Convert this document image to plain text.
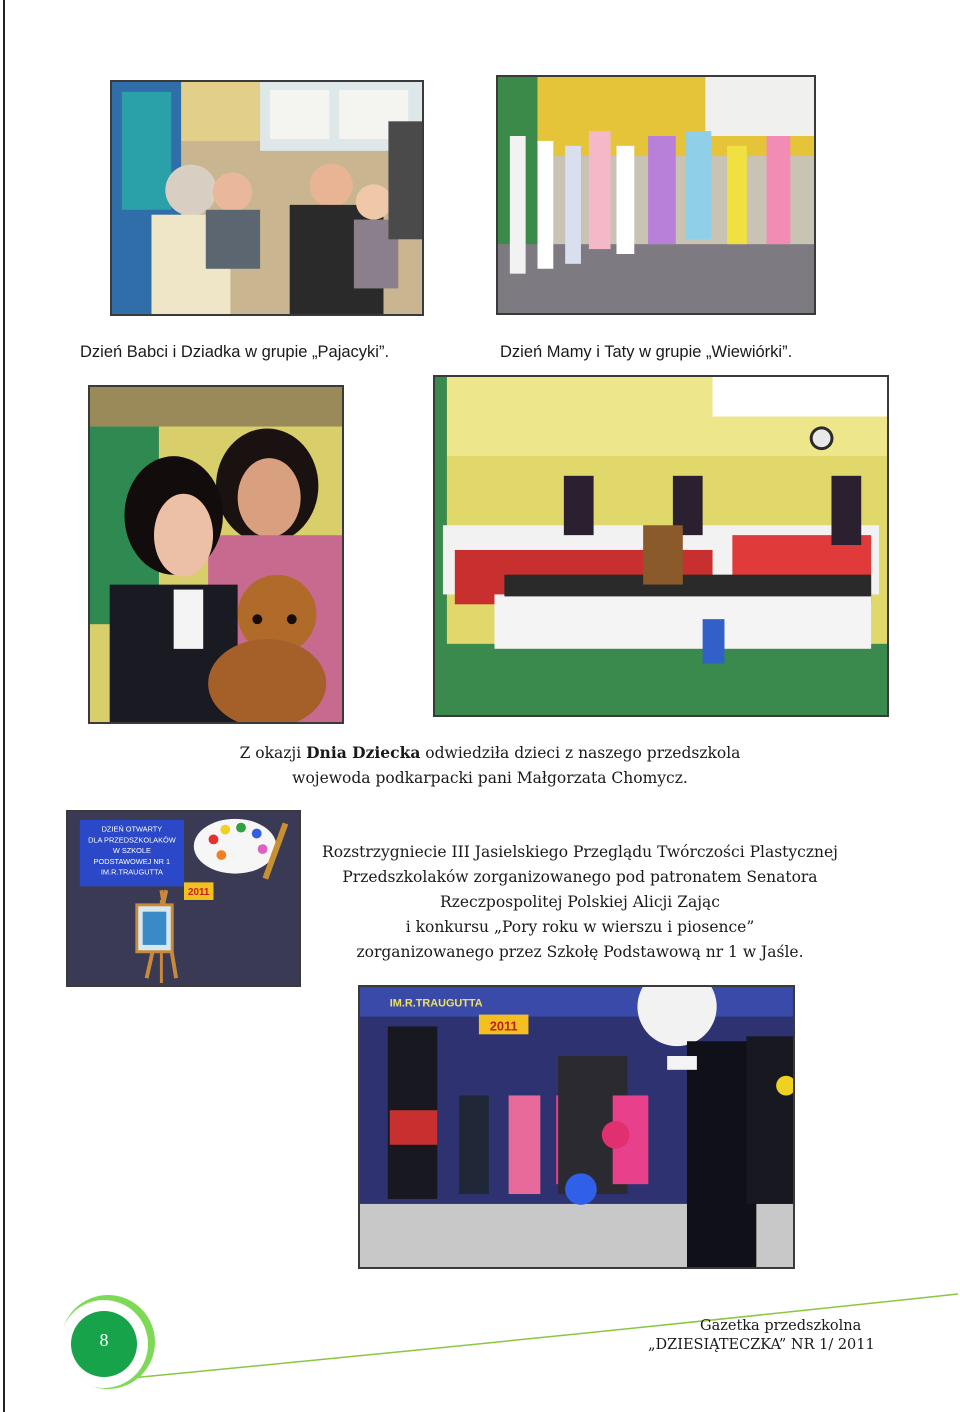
Dzień Babci i Dziadka w grupie „Pajacyki”.	Dzień Mamy i Taty w grupie „Wiewiórki”.
Z okazji Dnia Dziecka odwiedziła dzieci z naszego przedszkola
wojewoda podkarpacki pani Małgorzata Chomycz.
DZIEŃ OTWARTY
DLA PRZEDSZKOLAKÓW
W SZKOLE
PODSTAWOWEJ NR 1
IM.R.TRAUGUTTA
2011
Rozstrzygniecie III Jasielskiego Przeglądu Twórczości Plastycznej
Przedszkolaków zorganizowanego pod patronatem Senatora
Rzeczpospolitej Polskiej Alicji Zając
i konkursu „Pory roku w wierszu i piosence”
zorganizowanego przez Szkołę Podstawową nr 1 w Jaśle.
IM.R.TRAUGUTTA
2011
8
Gazetka przedszkolna
„DZIESIĄTECZKA” NR 1/ 2011
